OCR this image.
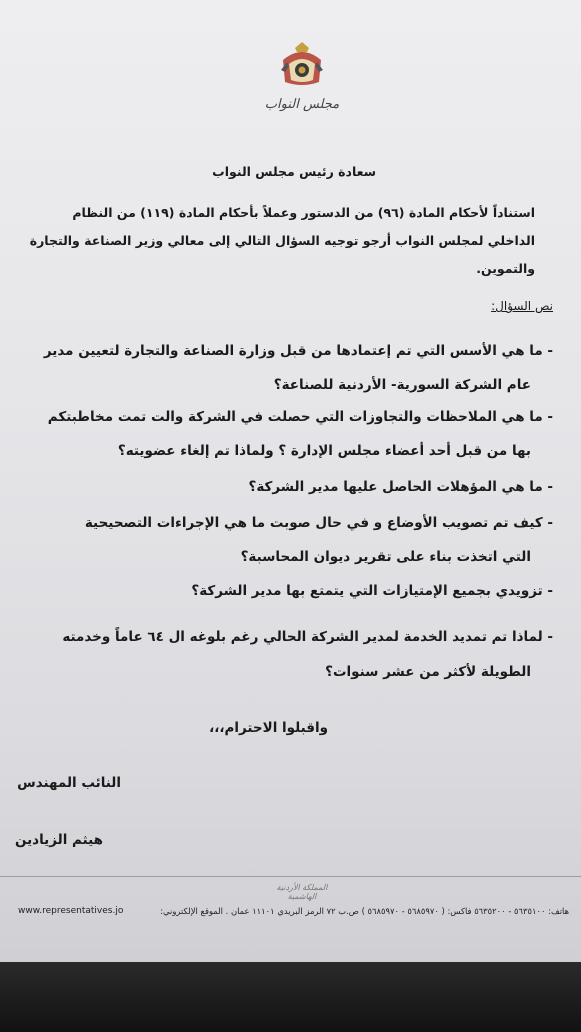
مجلس النواب
سعادة رئيس مجلس النواب
استناداً لأحكام المادة (٩٦) من الدستور وعملاً بأحكام المادة (١١٩) من النظام
الداخلي لمجلس النواب أرجو توجيه السؤال التالي إلى معالي وزير الصناعة والتجارة
والتموين.
نص السؤال:
- ما هي الأسس التي تم إعتمادها من قبل وزارة الصناعة والتجارة لتعيين مدير
عام الشركة السورية- الأردنية للصناعة؟
- ما هي الملاحظات والتجاوزات التي حصلت في الشركة والت تمت مخاطبتكم
بها من قبل أحد أعضاء مجلس الإدارة ؟ ولماذا تم إلغاء عضويته؟
- ما هي المؤهلات الحاصل عليها مدير الشركة؟
- كيف تم تصويب الأوضاع و في حال صوبت ما هي الإجراءات التصحيحية
التي اتخذت بناء على تقرير ديوان المحاسبة؟
- تزويدي بجميع الإمتيازات التي يتمتع بها مدير الشركة؟
- لماذا تم تمديد الخدمة لمدير الشركة الحالي رغم بلوغه ال ٦٤ عاماً وخدمته
الطويلة لأكثر من عشر سنوات؟
واقبلوا الاحترام،،،
النائب المهندس
هيثم الزيادين
المملكة الأردنية الهاشمية
www.representatives.jo	هاتف: ٥٦٣٥١٠٠ - ٥٦٣٥٢٠٠ فاكس: ( ٥٦٨٥٩٧٠ - ٥٦٨٥٩٧٠ ) ص.ب ٧٢ الرمز البريدي ١١١٠١ عمان . الموقع الإلكتروني:
